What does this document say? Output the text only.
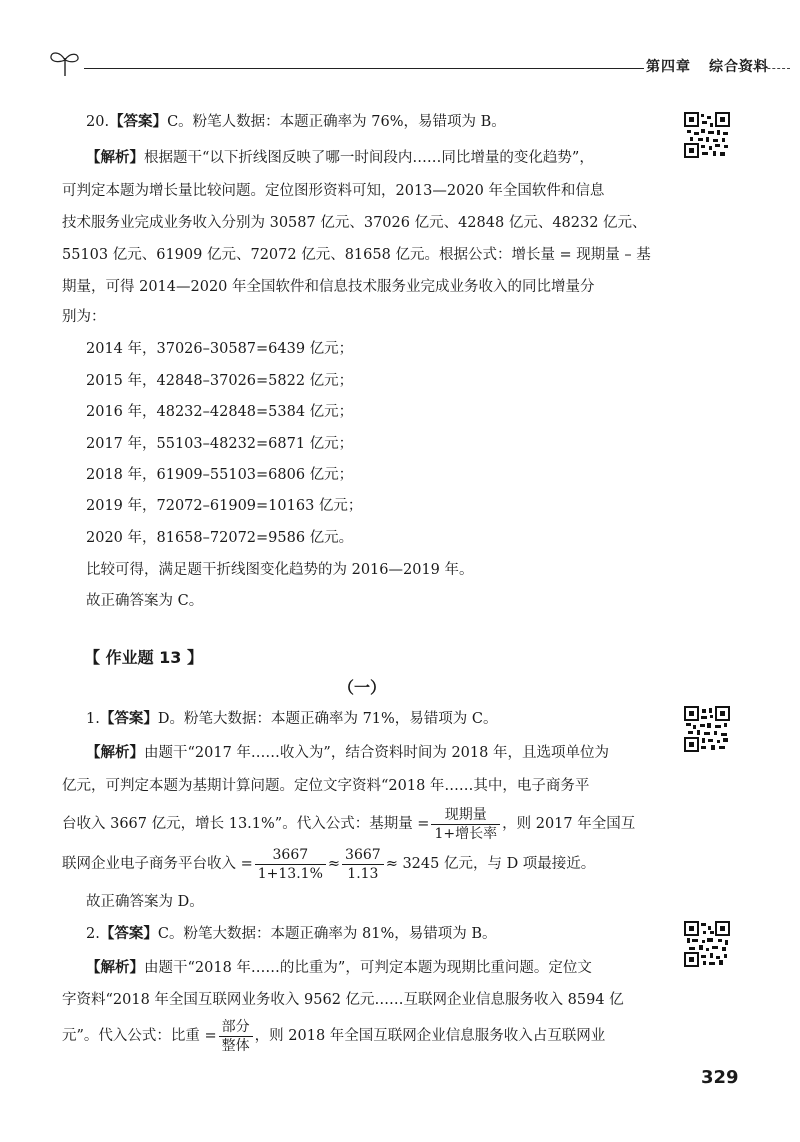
第四章 综合资料
20.【答案】C。粉笔人数据：本题正确率为 76%，易错项为 B。
【解析】根据题干“以下折线图反映了哪一时间段内……同比增量的变化趋势”，
可判定本题为增长量比较问题。定位图形资料可知，2013—2020 年全国软件和信息
技术服务业完成业务收入分别为 30587 亿元、37026 亿元、42848 亿元、48232 亿元、
55103 亿元、61909 亿元、72072 亿元、81658 亿元。根据公式：增长量 = 现期量 – 基
期量，可得 2014—2020 年全国软件和信息技术服务业完成业务收入的同比增量分
别为：
2014 年，37026–30587=6439 亿元；
2015 年，42848–37026=5822 亿元；
2016 年，48232–42848=5384 亿元；
2017 年，55103–48232=6871 亿元；
2018 年，61909–55103=6806 亿元；
2019 年，72072–61909=10163 亿元；
2020 年，81658–72072=9586 亿元。
比较可得，满足题干折线图变化趋势的为 2016—2019 年。
故正确答案为 C。
【 作业题 13 】
（一）
1.【答案】D。粉笔大数据：本题正确率为 71%，易错项为 C。
【解析】由题干“2017 年……收入为”，结合资料时间为 2018 年，且选项单位为
亿元，可判定本题为基期计算问题。定位文字资料“2018 年……其中，电子商务平
台收入 3667 亿元，增长 13.1%”。代入公式：基期量 = $\frac{\text{现期量}}{\text{1+增长率}}$ ，则 2017 年全国互
联网企业电子商务平台收入 = $\frac{3667}{1+13.1\%} \approx \frac{3667}{1.13} \approx 3245$ 亿元，与 D 项最接近。
故正确答案为 D。
2.【答案】C。粉笔大数据：本题正确率为 81%，易错项为 B。
【解析】由题干“2018 年……的比重为”，可判定本题为现期比重问题。定位文
字资料“2018 年全国互联网业务收入 9562 亿元……互联网企业信息服务收入 8594 亿
元”。代入公式：比重 = $\frac{\text{部分}}{\text{整体}}$ ，则 2018 年全国互联网企业信息服务收入占互联网业
329
